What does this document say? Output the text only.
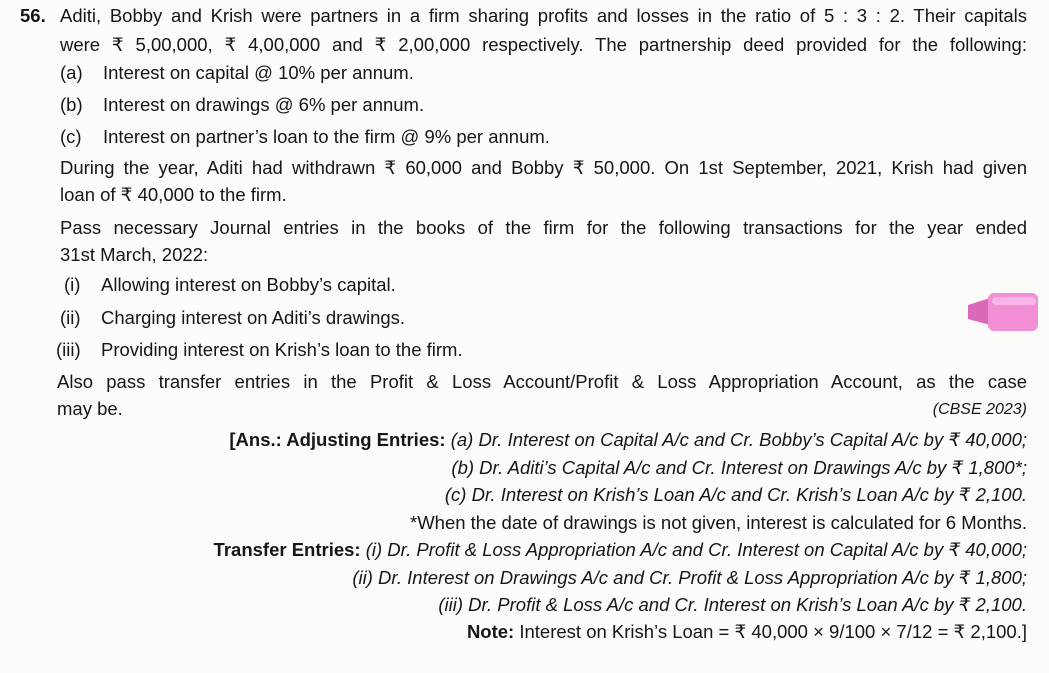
56. Aditi, Bobby and Krish were partners in a firm sharing profits and losses in the ratio of 5 : 3 : 2. Their capitals
were ₹ 5,00,000, ₹ 4,00,000 and ₹ 2,00,000 respectively. The partnership deed provided for the following:
(a) Interest on capital @ 10% per annum.
(b) Interest on drawings @ 6% per annum.
(c) Interest on partner’s loan to the firm @ 9% per annum.
During the year, Aditi had withdrawn ₹ 60,000 and Bobby ₹ 50,000. On 1st September, 2021, Krish had given
loan of ₹ 40,000 to the firm.
Pass necessary Journal entries in the books of the firm for the following transactions for the year ended
31st March, 2022:
(i) Allowing interest on Bobby’s capital.
(ii) Charging interest on Aditi’s drawings.
(iii) Providing interest on Krish’s loan to the firm.
Also pass transfer entries in the Profit & Loss Account/Profit & Loss Appropriation Account, as the case
may be.	(CBSE 2023)
[Ans.: Adjusting Entries: (a) Dr. Interest on Capital A/c and Cr. Bobby’s Capital A/c by ₹ 40,000;
(b) Dr. Aditi’s Capital A/c and Cr. Interest on Drawings A/c by ₹ 1,800*;
(c) Dr. Interest on Krish’s Loan A/c and Cr. Krish’s Loan A/c by ₹ 2,100.
*When the date of drawings is not given, interest is calculated for 6 Months.
Transfer Entries: (i) Dr. Profit & Loss Appropriation A/c and Cr. Interest on Capital A/c by ₹ 40,000;
(ii) Dr. Interest on Drawings A/c and Cr. Profit & Loss Appropriation A/c by ₹ 1,800;
(iii) Dr. Profit & Loss A/c and Cr. Interest on Krish’s Loan A/c by ₹ 2,100.
Note: Interest on Krish’s Loan = ₹ 40,000 × 9/100 × 7/12 = ₹ 2,100.]
